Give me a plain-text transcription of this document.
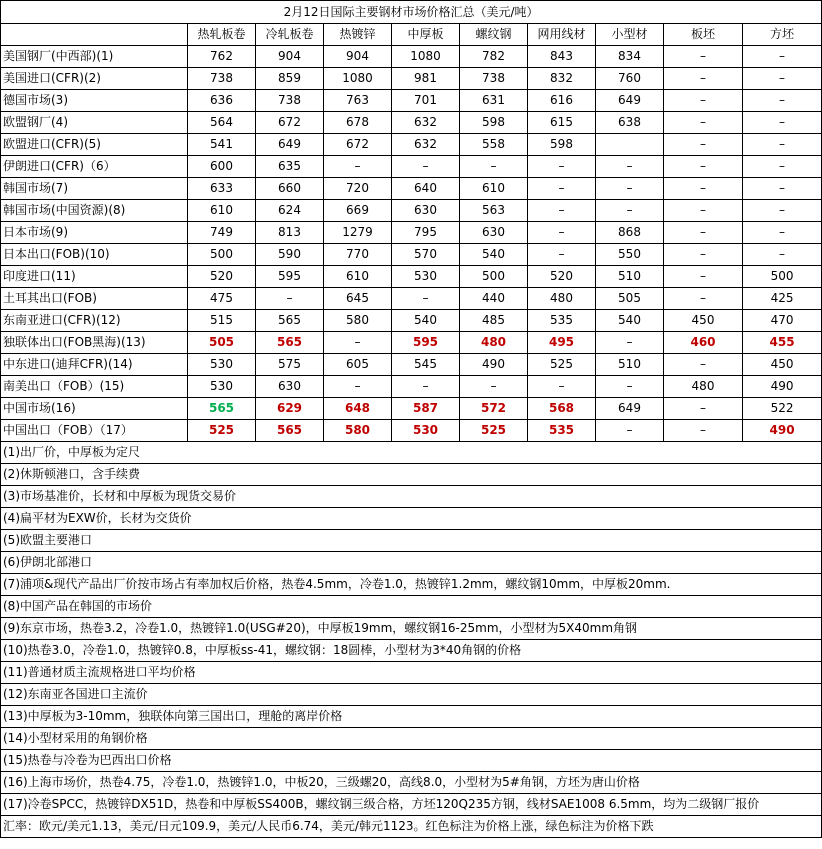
2月12日国际主要钢材市场价格汇总（美元/吨）									
	热轧板卷	冷轧板卷	热镀锌	中厚板	螺纹钢	网用线材	小型材	板坯	方坯
美国钢厂(中西部)(1)	762	904	904	1080	782	843	834	–	–
美国进口(CFR)(2)	738	859	1080	981	738	832	760	–	–
德国市场(3)	636	738	763	701	631	616	649	–	–
欧盟钢厂(4)	564	672	678	632	598	615	638	–	–
欧盟进口(CFR)(5)	541	649	672	632	558	598		–	–
伊朗进口(CFR)（6）	600	635	–	–	–	–	–	–	–
韩国市场(7)	633	660	720	640	610	–	–	–	–
韩国市场(中国资源)(8)	610	624	669	630	563	–	–	–	–
日本市场(9)	749	813	1279	795	630	–	868	–	–
日本出口(FOB)(10)	500	590	770	570	540	–	550	–	–
印度进口(11)	520	595	610	530	500	520	510	–	500
土耳其出口(FOB)	475	–	645	–	440	480	505	–	425
东南亚进口(CFR)(12)	515	565	580	540	485	535	540	450	470
独联体出口(FOB黑海)(13)	505	565	–	595	480	495	–	460	455
中东进口(迪拜CFR)(14)	530	575	605	545	490	525	510	–	450
南美出口（FOB）(15)	530	630	–	–	–	–	–	480	490
中国市场(16)	565	629	648	587	572	568	649	–	522
中国出口（FOB）（17）	525	565	580	530	525	535	–	–	490
(1)出厂价，中厚板为定尺									
(2)休斯顿港口，含手续费									
(3)市场基准价，长材和中厚板为现货交易价									
(4)扁平材为EXW价，长材为交货价									
(5)欧盟主要港口									
(6)伊朗北部港口									
(7)浦项&现代产品出厂价按市场占有率加权后价格，热卷4.5mm，冷卷1.0，热镀锌1.2mm，螺纹钢10mm，中厚板20mm.									
(8)中国产品在韩国的市场价									
(9)东京市场，热卷3.2，冷卷1.0，热镀锌1.0(USG#20)，中厚板19mm，螺纹钢16-25mm，小型材为5X40mm角钢									
(10)热卷3.0，冷卷1.0，热镀锌0.8，中厚板ss-41，螺纹钢：18圆棒，小型材为3*40角钢的价格									
(11)普通材质主流规格进口平均价格									
(12)东南亚各国进口主流价									
(13)中厚板为3-10mm，独联体向第三国出口，理舱的离岸价格									
(14)小型材采用的角钢价格									
(15)热卷与冷卷为巴西出口价格									
(16)上海市场价，热卷4.75，冷卷1.0，热镀锌1.0，中板20，三级螺20，高线8.0，小型材为5#角钢，方坯为唐山价格									
(17)冷卷SPCC，热镀锌DX51D，热卷和中厚板SS400B，螺纹钢三级合格，方坯120Q235方钢，线材SAE1008 6.5mm，均为二级钢厂报价									
汇率：欧元/美元1.13，美元/日元109.9，美元/人民币6.74，美元/韩元1123。红色标注为价格上涨，绿色标注为价格下跌									
